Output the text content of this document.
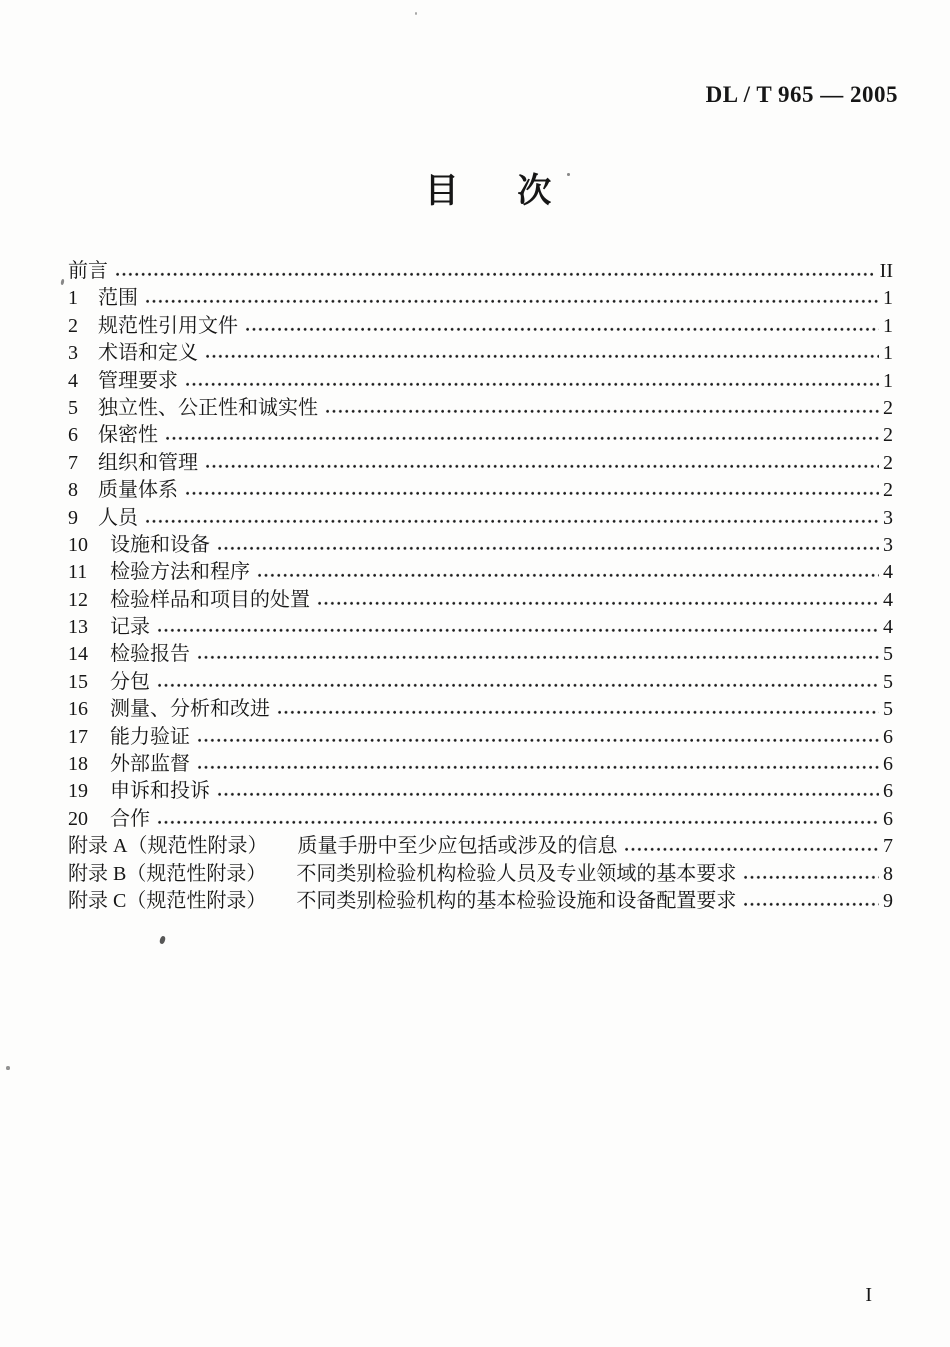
DL / T 965 — 2005
目 次
前言	II
1	范围	1
2	规范性引用文件	1
3	术语和定义	1
4	管理要求	1
5	独立性、公正性和诚实性	2
6	保密性	2
7	组织和管理	2
8	质量体系	2
9	人员	3
10	设施和设备	3
11	检验方法和程序	4
12	检验样品和项目的处置	4
13	记录	4
14	检验报告	5
15	分包	5
16	测量、分析和改进	5
17	能力验证	6
18	外部监督	6
19	申诉和投诉	6
20	合作	6
附录 A（规范性附录） 质量手册中至少应包括或涉及的信息	7
附录 B（规范性附录） 不同类别检验机构检验人员及专业领域的基本要求	8
附录 C（规范性附录） 不同类别检验机构的基本检验设施和设备配置要求	9
I
